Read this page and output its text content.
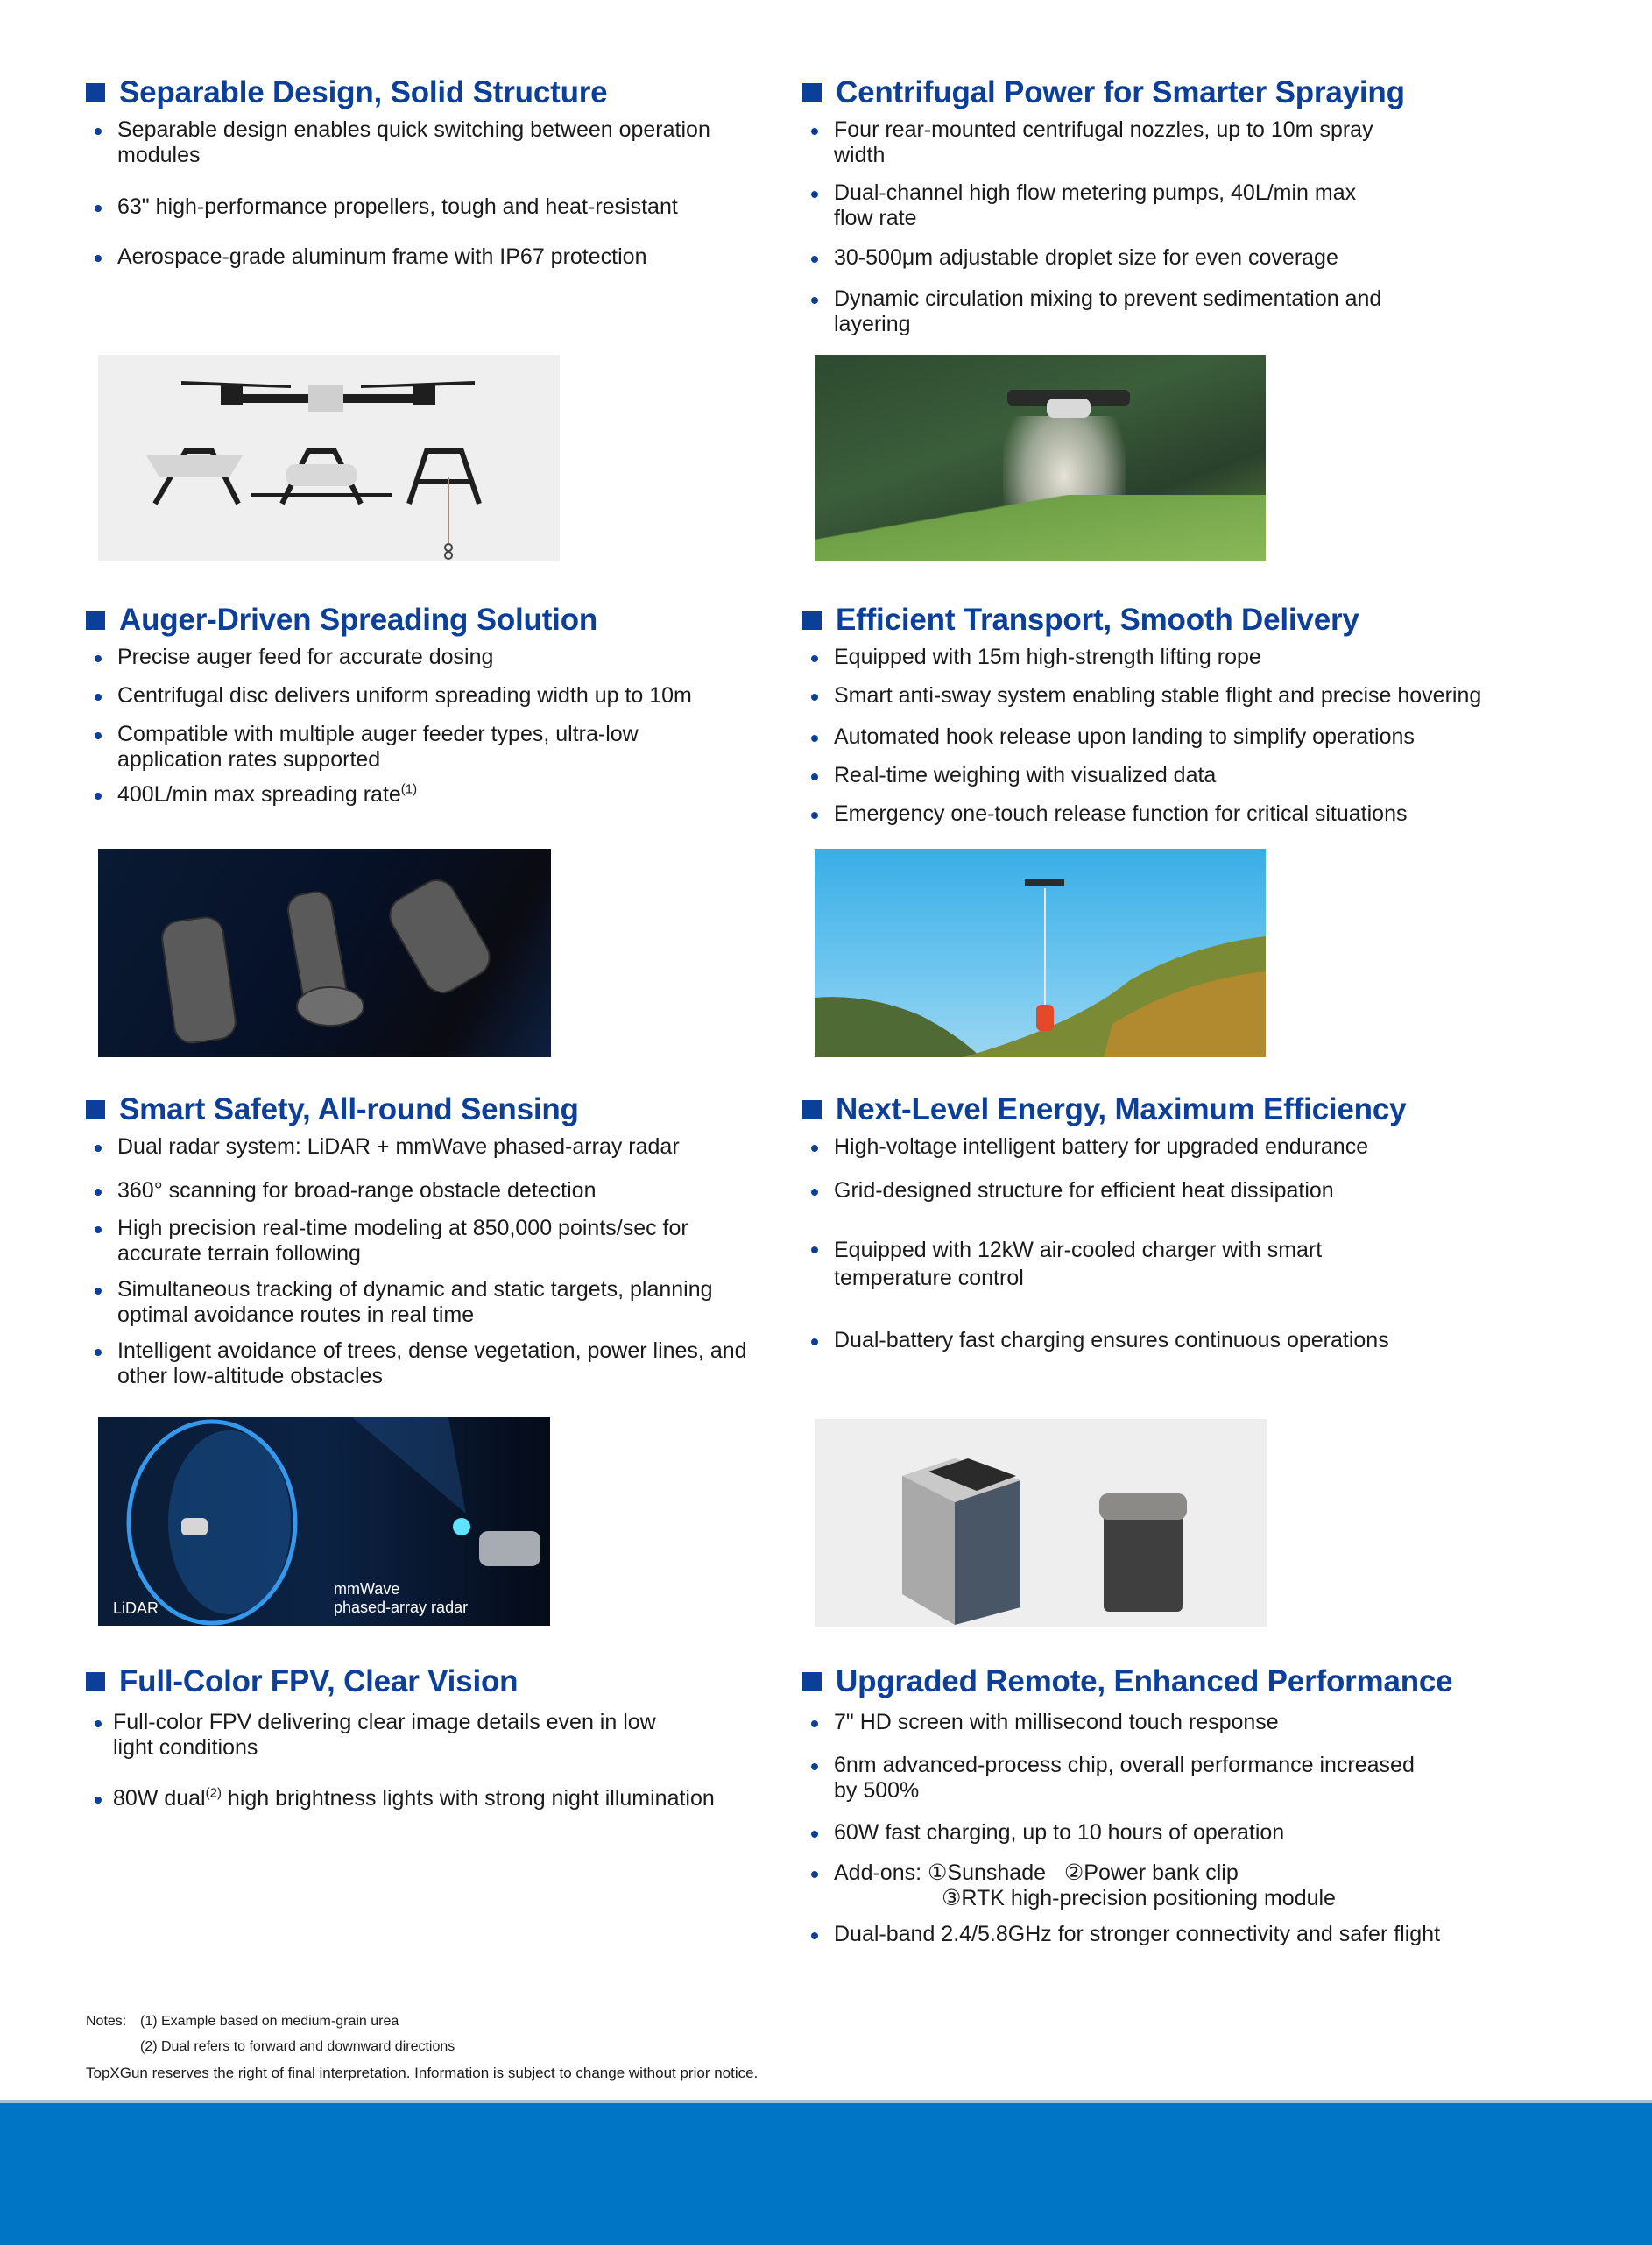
Separable Design, Solid Structure
Separable design enables quick switching between operation modules
63" high-performance propellers, tough and heat-resistant
Aerospace-grade aluminum frame with IP67 protection
Centrifugal Power for Smarter Spraying
Four rear-mounted centrifugal nozzles, up to 10m spray width
Dual-channel high flow metering pumps, 40L/min max flow rate
30-500μm adjustable droplet size for even coverage
Dynamic circulation mixing to prevent sedimentation and layering
Auger-Driven Spreading Solution
Precise auger feed for accurate dosing
Centrifugal disc delivers uniform spreading width up to 10m
Compatible with multiple auger feeder types, ultra-low application rates supported
400L/min max spreading rate$^{(1)}$
Efficient Transport, Smooth Delivery
Equipped with 15m high-strength lifting rope
Smart anti-sway system enabling stable flight and precise hovering
Automated hook release upon landing to simplify operations
Real-time weighing with visualized data
Emergency one-touch release function for critical situations
Smart Safety, All-round Sensing
Dual radar system: LiDAR + mmWave phased-array radar
360° scanning for broad-range obstacle detection
High precision real-time modeling at 850,000 points/sec for accurate terrain following
Simultaneous tracking of dynamic and static targets, planning optimal avoidance routes in real time
Intelligent avoidance of trees, dense vegetation, power lines, and other low-altitude obstacles
LiDAR
mmWave
phased-array radar
Next-Level Energy, Maximum Efficiency
High-voltage intelligent battery for upgraded endurance
Grid-designed structure for efficient heat dissipation
Equipped with 12kW air-cooled charger with smart temperature control
Dual-battery fast charging ensures continuous operations
Full-Color FPV, Clear Vision
Full-color FPV delivering clear image details even in low light conditions
80W dual$^{(2)}$ high brightness lights with strong night illumination
Upgraded Remote, Enhanced Performance
7" HD screen with millisecond touch response
6nm advanced-process chip, overall performance increased by 500%
60W fast charging, up to 10 hours of operation
Add-ons: ①Sunshade   ②Power bank clip
③RTK high-precision positioning module
Dual-band 2.4/5.8GHz for stronger connectivity and safer flight
Notes: (1) Example based on medium-grain urea
(2) Dual refers to forward and downward directions
TopXGun reserves the right of final interpretation. Information is subject to change without prior notice.
